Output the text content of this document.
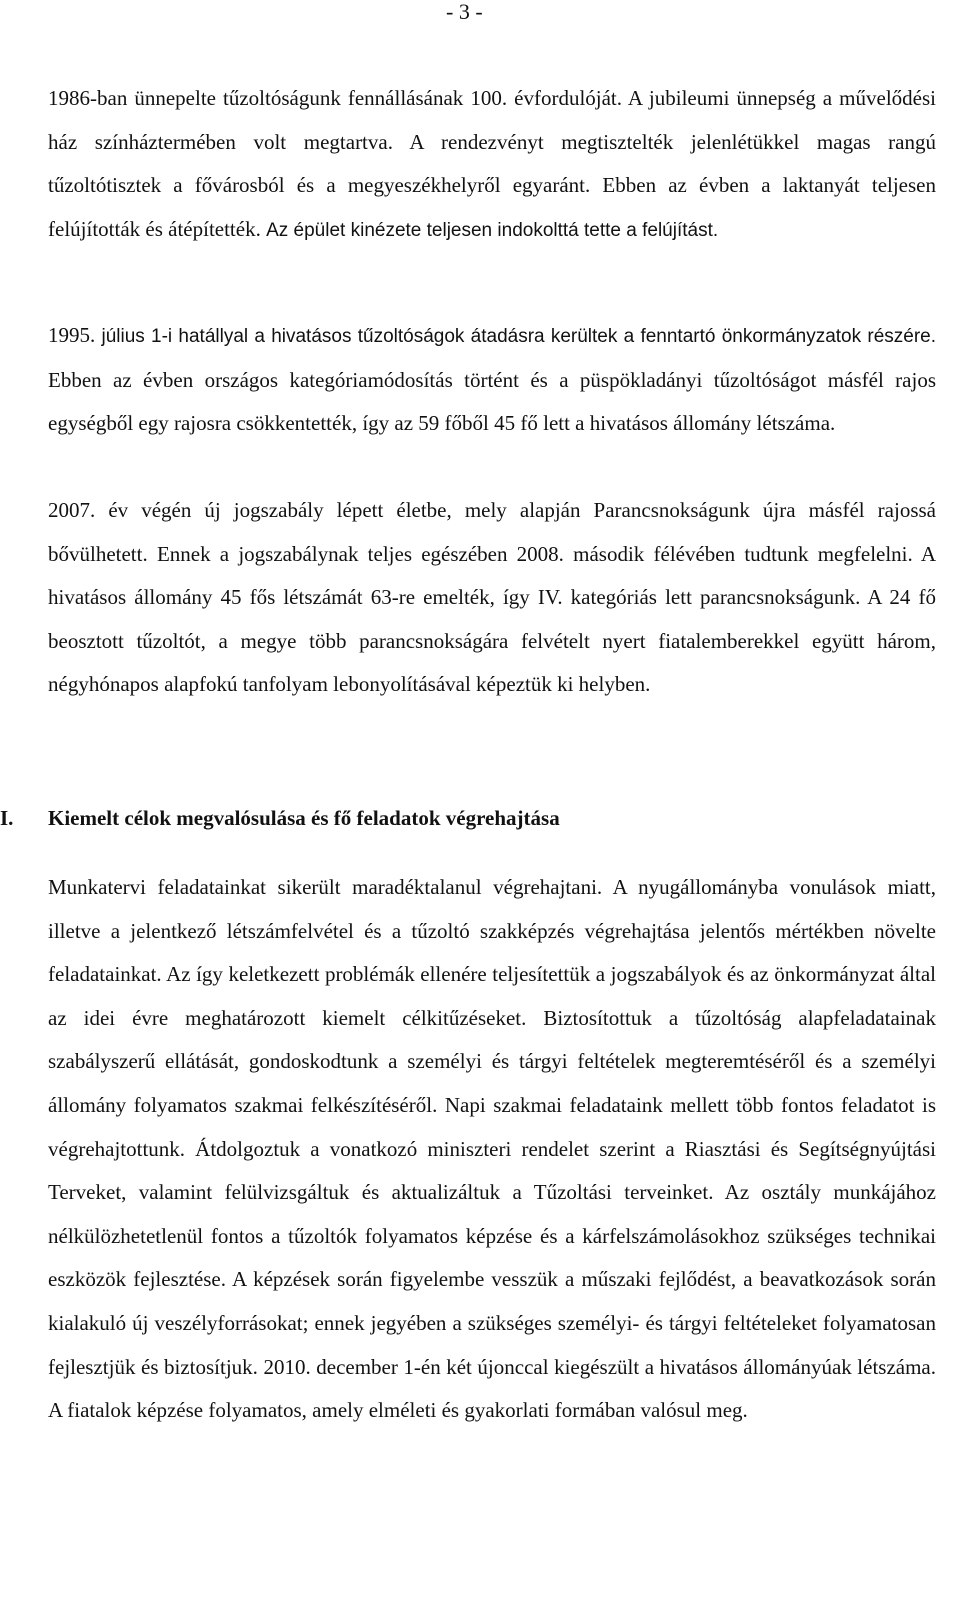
- 3 -
1986-ban ünnepelte tűzoltóságunk fennállásának 100. évfordulóját. A jubileumi ünnepség a művelődési ház színháztermében volt megtartva. A rendezvényt megtisztelték jelenlétükkel magas rangú tűzoltótisztek a fővárosból és a megyeszékhelyről egyaránt. Ebben az évben a laktanyát teljesen felújították és átépítették. Az épület kinézete teljesen indokolttá tette a felújítást.
1995. július 1-i hatállyal a hivatásos tűzoltóságok átadásra kerültek a fenntartó önkormányzatok részére. Ebben az évben országos kategóriamódosítás történt és a püspökladányi tűzoltóságot másfél rajos egységből egy rajosra csökkentették, így az 59 főből 45 fő lett a hivatásos állomány létszáma.
2007. év végén új jogszabály lépett életbe, mely alapján Parancsnokságunk újra másfél rajossá bővülhetett. Ennek a jogszabálynak teljes egészében 2008. második félévében tudtunk megfelelni. A hivatásos állomány 45 fős létszámát 63-re emelték, így IV. kategóriás lett parancsnokságunk. A 24 fő beosztott tűzoltót, a megye több parancsnokságára felvételt nyert fiatalemberekkel együtt három, négyhónapos alapfokú tanfolyam lebonyolításával képeztük ki helyben.
I. Kiemelt célok megvalósulása és fő feladatok végrehajtása
Munkatervi feladatainkat sikerült maradéktalanul végrehajtani. A nyugállományba vonulások miatt, illetve a jelentkező létszámfelvétel és a tűzoltó szakképzés végrehajtása jelentős mértékben növelte feladatainkat. Az így keletkezett problémák ellenére teljesítettük a jogszabályok és az önkormányzat által az idei évre meghatározott kiemelt célkitűzéseket. Biztosítottuk a tűzoltóság alapfeladatainak szabályszerű ellátását, gondoskodtunk a személyi és tárgyi feltételek megteremtéséről és a személyi állomány folyamatos szakmai felkészítéséről. Napi szakmai feladataink mellett több fontos feladatot is végrehajtottunk. Átdolgoztuk a vonatkozó miniszteri rendelet szerint a Riasztási és Segítségnyújtási Terveket, valamint felülvizsgáltuk és aktualizáltuk a Tűzoltási terveinket. Az osztály munkájához nélkülözhetetlenül fontos a tűzoltók folyamatos képzése és a kárfelszámolásokhoz szükséges technikai eszközök fejlesztése. A képzések során figyelembe vesszük a műszaki fejlődést, a beavatkozások során kialakuló új veszélyforrásokat; ennek jegyében a szükséges személyi- és tárgyi feltételeket folyamatosan fejlesztjük és biztosítjuk. 2010. december 1-én két újonccal kiegészült a hivatásos állományúak létszáma. A fiatalok képzése folyamatos, amely elméleti és gyakorlati formában valósul meg.
